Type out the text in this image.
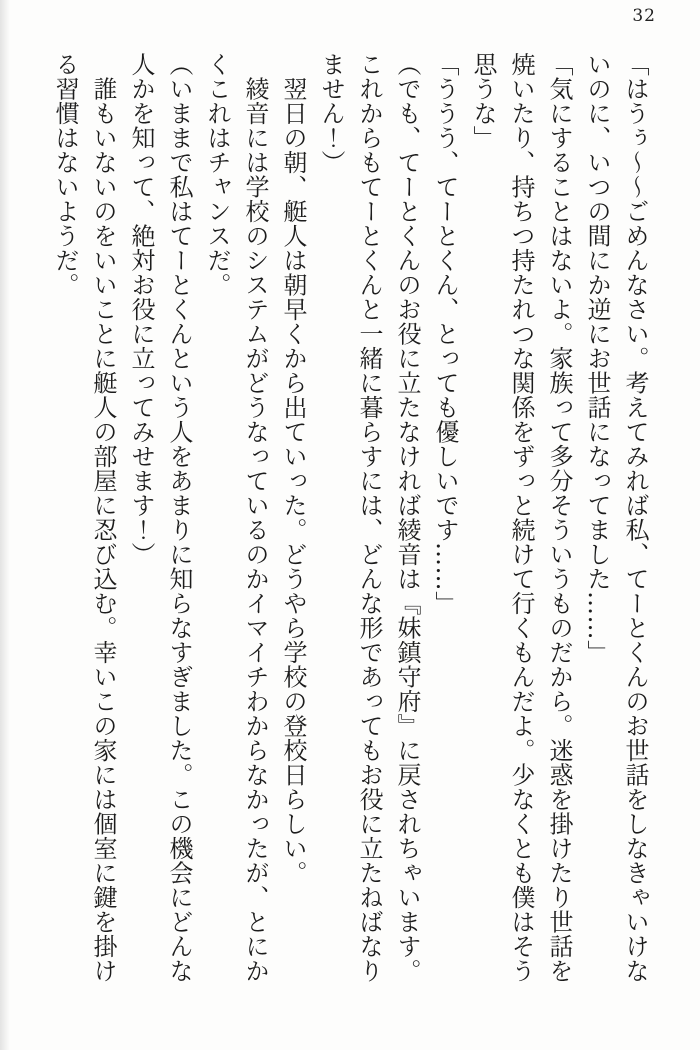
32

「はうぅ～～ごめんなさい。考えてみれば私、てーとくんのお世話をしなきゃいけな

いのに、いつの間にか逆にお世話になってました……」

「気にすることはないよ。家族って多分そういうものだから。迷惑を掛けたり世話を

焼いたり、持ちつ持たれつな関係をずっと続けて行くもんだよ。少なくとも僕はそう

思うな」

「ううう、てーとくん、とっても優しいです……」

（でも、てーとくんのお役に立たなければ綾音は『妹鎮守府』に戻されちゃいます。

これからもてーとくんと一緒に暮らすには、どんな形であってもお役に立たねばなり

ません！）

　翌日の朝、艇人は朝早くから出ていった。どうやら学校の登校日らしい。

　綾音には学校のシステムがどうなっているのかイマイチわからなかったが、とにか

くこれはチャンスだ。

（いままで私はてーとくんという人をあまりに知らなすぎました。この機会にどんな

人かを知って、絶対お役に立ってみせます！）

　誰もいないのをいいことに艇人の部屋に忍び込む。幸いこの家には個室に鍵を掛け

る習慣はないようだ。
